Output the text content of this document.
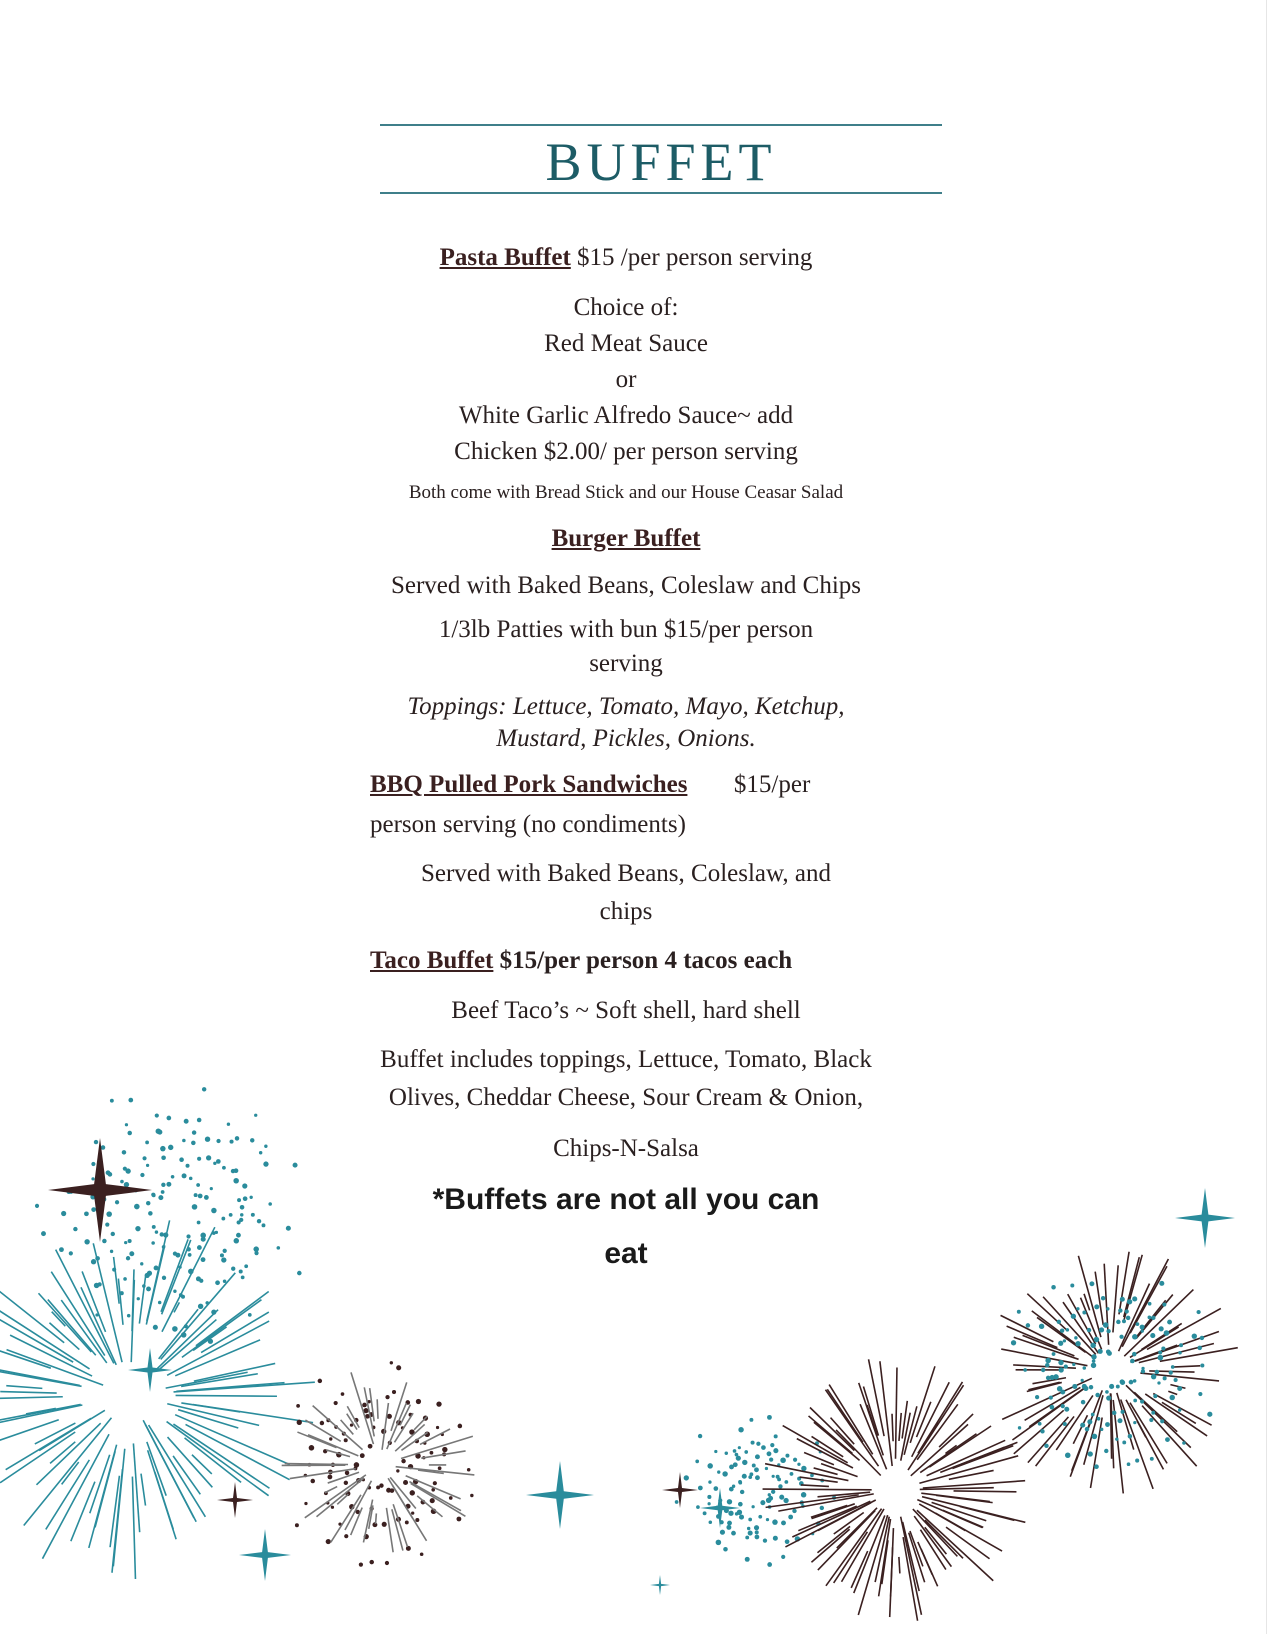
BUFFET

Pasta Buffet $15 /per person serving

Choice of:

Red Meat Sauce

or

White Garlic Alfredo Sauce~ add

Chicken $2.00/ per person serving

Both come with Bread Stick and our House Ceasar Salad

Burger Buffet

Served with Baked Beans, Coleslaw and Chips

1/3lb Patties with bun $15/per person serving

Toppings: Lettuce, Tomato, Mayo, Ketchup, Mustard, Pickles, Onions.

BBQ Pulled Pork Sandwiches $15/per
person serving (no condiments)

Served with Baked Beans, Coleslaw, and chips

Taco Buffet $15/per person 4 tacos each

Beef Taco’s ~ Soft shell, hard shell

Buffet includes toppings, Lettuce, Tomato, Black Olives, Cheddar Cheese, Sour Cream & Onion,

Chips-N-Salsa

*Buffets are not all you can eat
